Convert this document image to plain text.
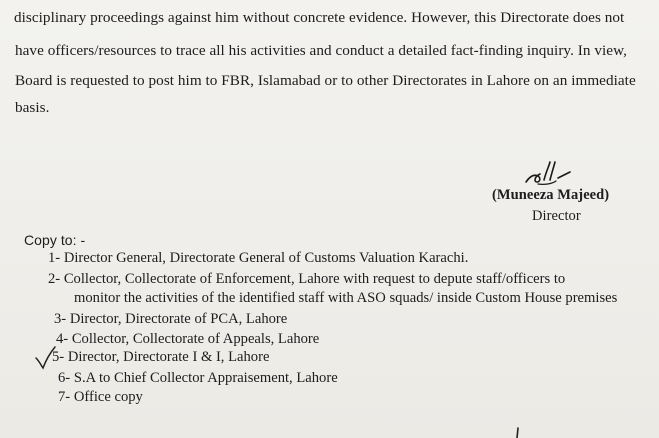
disciplinary proceedings against him without concrete evidence. However, this Directorate does not
have officers/resources to trace all his activities and conduct a detailed fact-finding inquiry. In view,
Board is requested to post him to FBR, Islamabad or to other Directorates in Lahore on an immediate
basis.
(Muneeza Majeed)
Director
Copy to: -
1- Director General, Directorate General of Customs Valuation Karachi.
2- Collector, Collectorate of Enforcement, Lahore with request to depute staff/officers to
monitor the activities of the identified staff with ASO squads/ inside Custom House premises
3- Director, Directorate of PCA, Lahore
4- Collector, Collectorate of Appeals, Lahore
5- Director, Directorate I & I, Lahore
6- S.A to Chief Collector Appraisement, Lahore
7- Office copy
